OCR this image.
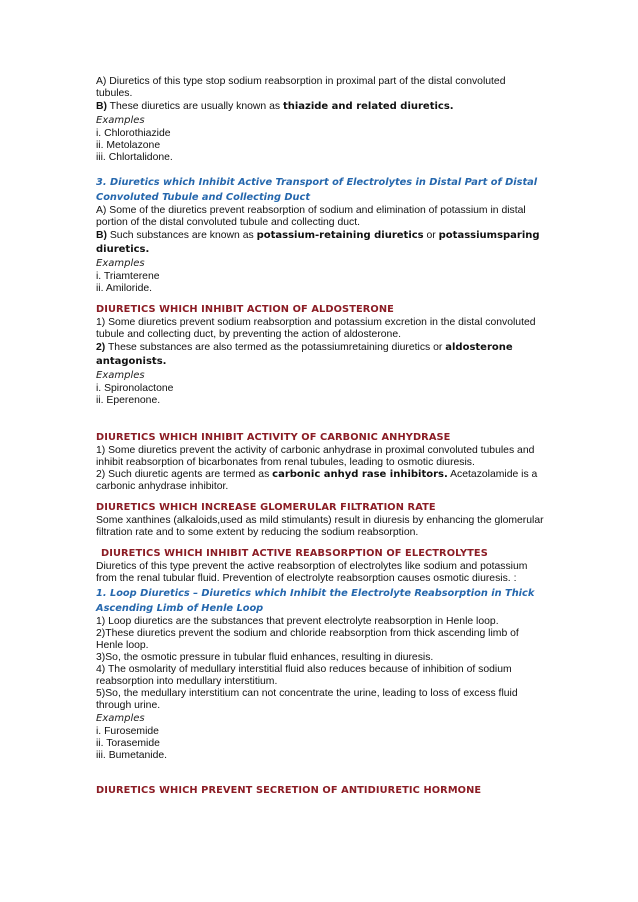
A) Diuretics of this type stop sodium reabsorption in proximal part of the distal convoluted tubules.

B) These diuretics are usually known as thiazide and related diuretics.

Examples

i. Chlorothiazide

ii. Metolazone

iii. Chlortalidone.

3. Diuretics which Inhibit Active Transport of Electrolytes in Distal Part of Distal

Convoluted Tubule and Collecting Duct

A) Some of the diuretics prevent reabsorption of sodium and elimination of potassium in distal portion of the distal convoluted tubule and collecting duct.

B) Such substances are known as potassium-retaining diuretics or potassiumsparing diuretics.

Examples

i. Triamterene

ii. Amiloride.

DIURETICS WHICH INHIBIT ACTION OF ALDOSTERONE

1) Some diuretics prevent sodium reabsorption and potassium excretion in the distal convoluted tubule and collecting duct, by preventing the action of aldosterone.

2) These substances are also termed as the potassiumretaining diuretics or aldosterone antagonists.

Examples

i. Spironolactone

ii. Eperenone.

DIURETICS WHICH INHIBIT ACTIVITY OF CARBONIC ANHYDRASE

1) Some diuretics prevent the activity of carbonic anhydrase in proximal convoluted tubules and inhibit reabsorption of bicarbonates from renal tubules, leading to osmotic diuresis.

2) Such diuretic agents are termed as carbonic anhyd rase inhibitors. Acetazolamide is a carbonic anhydrase inhibitor.

DIURETICS WHICH INCREASE GLOMERULAR FILTRATION RATE

Some xanthines (alkaloids,used as mild stimulants) result in diuresis by enhancing the glomerular filtration rate and to some extent by reducing the sodium reabsorption.

DIURETICS WHICH INHIBIT ACTIVE REABSORPTION OF ELECTROLYTES

Diuretics of this type prevent the active reabsorption of electrolytes like sodium and potassium from the renal tubular fluid. Prevention of electrolyte reabsorption causes osmotic diuresis. :

1. Loop Diuretics – Diuretics which Inhibit the Electrolyte Reabsorption in Thick

Ascending Limb of Henle Loop

1) Loop diuretics are the substances that prevent electrolyte reabsorption in Henle loop.

2)These diuretics prevent the sodium and chloride reabsorption from thick ascending limb of Henle loop.

3)So, the osmotic pressure in tubular fluid enhances, resulting in diuresis.

4) The osmolarity of medullary interstitial fluid also reduces because of inhibition of sodium reabsorption into medullary interstitium.

5)So, the medullary interstitium can not concentrate the urine, leading to loss of excess fluid through urine.

Examples

i. Furosemide

ii. Torasemide

iii. Bumetanide.

DIURETICS WHICH PREVENT SECRETION OF ANTIDIURETIC HORMONE
